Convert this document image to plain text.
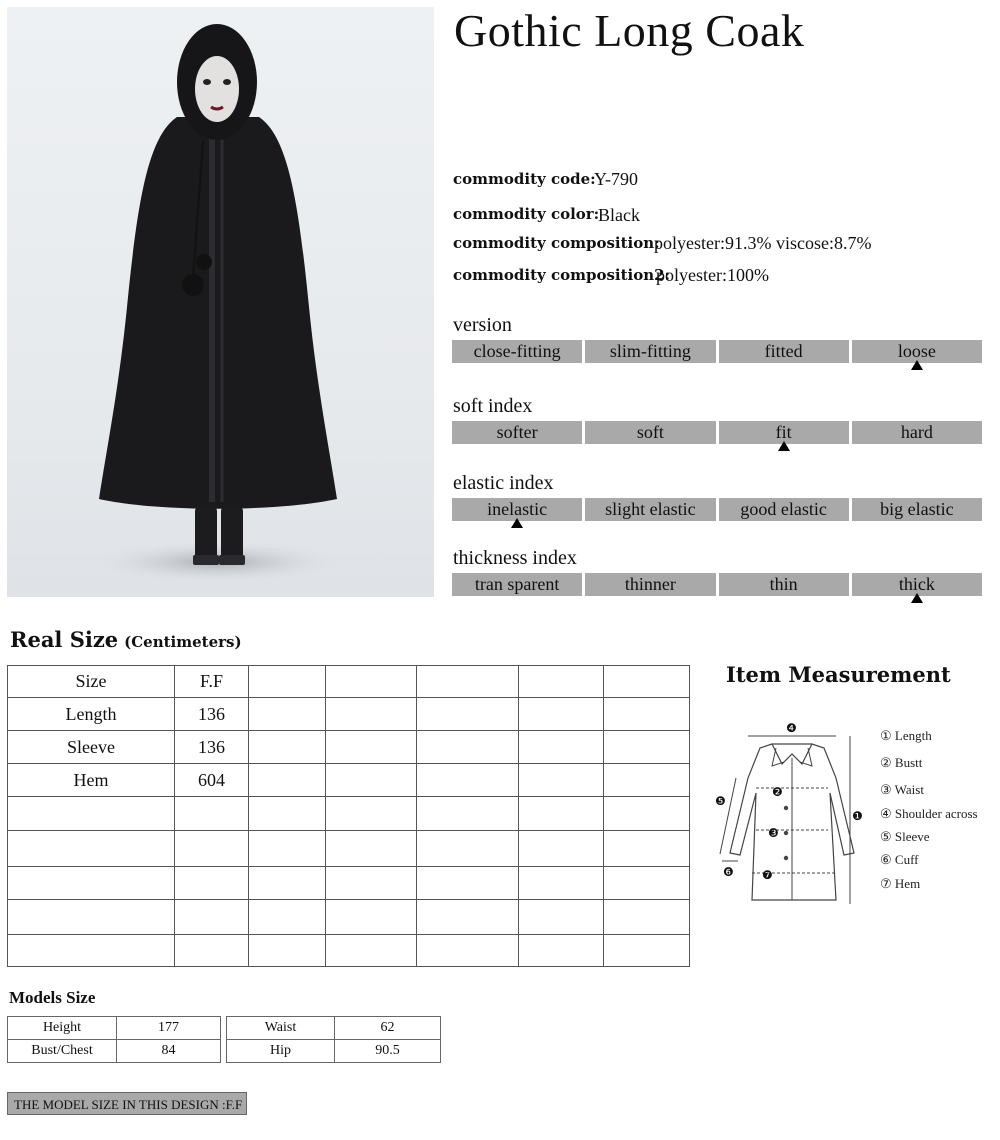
Gothic Long Coak
commodity code:
Y-790
commodity color:
Black
commodity composition:
polyester:91.3% viscose:8.7%
commodity composition2:
polyester:100%
version
close-fitting	slim-fitting	fitted	loose
soft index
softer	soft	fit	hard
elastic index
inelastic	slight elastic	good elastic	big elastic
thickness index
tran sparent	thinner	thin	thick
Real Size (Centimeters)
Size	F.F					
Length	136					
Sleeve	136					
Hem	604					

Item Measurement
❹
❷
❸
❼
❶
❺
❻
① Length
② Bustt
③ Waist
④ Shoulder across
⑤ Sleeve
⑥ Cuff
⑦ Hem
Models Size
Height	177
Bust/Chest	84
Waist	62
Hip	90.5
THE MODEL SIZE IN THIS DESIGN :F.F
